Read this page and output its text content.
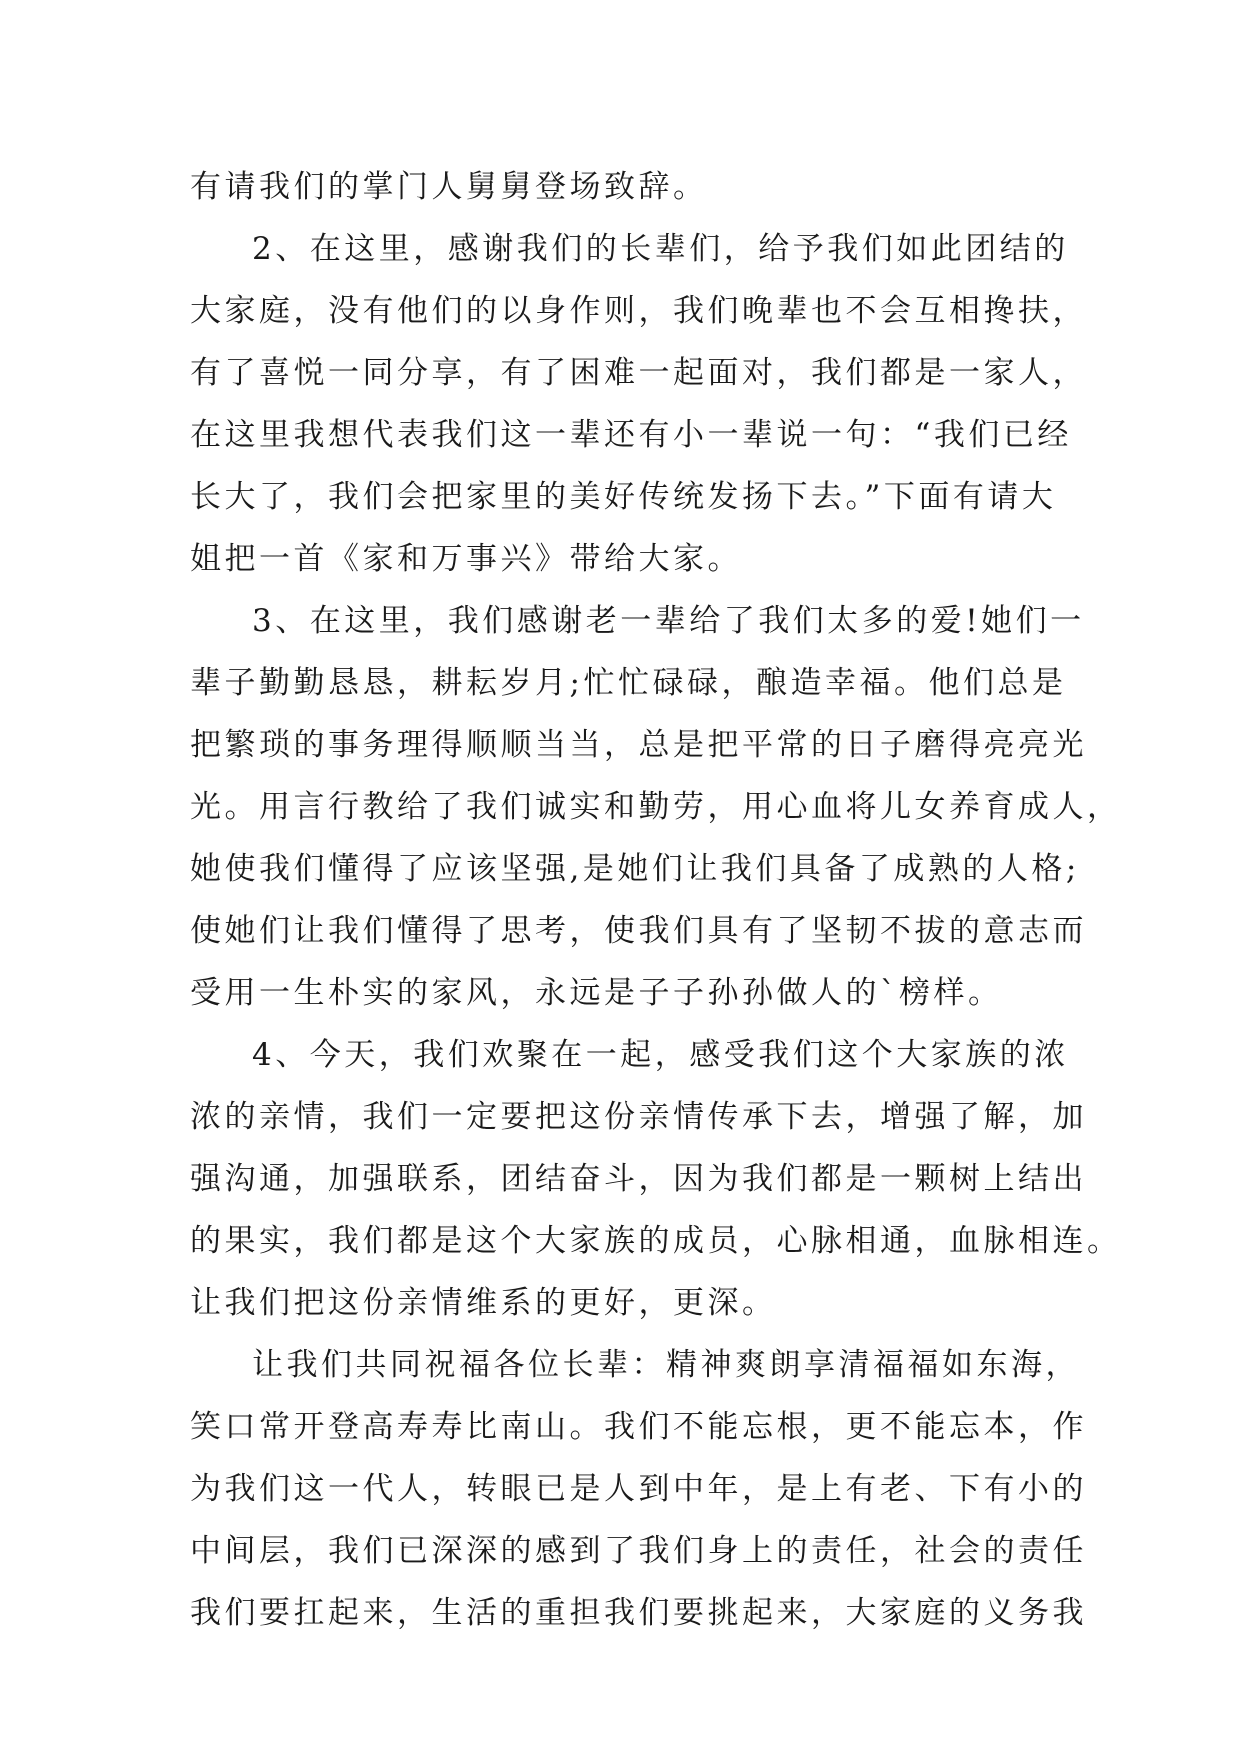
有请我们的掌门人舅舅登场致辞。
2、在这里，感谢我们的长辈们，给予我们如此团结的
大家庭，没有他们的以身作则，我们晚辈也不会互相搀扶，
有了喜悦一同分享，有了困难一起面对，我们都是一家人，
在这里我想代表我们这一辈还有小一辈说一句：“我们已经
长大了，我们会把家里的美好传统发扬下去。”下面有请大
姐把一首《家和万事兴》带给大家。
3、在这里，我们感谢老一辈给了我们太多的爱!她们一
辈子勤勤恳恳，耕耘岁月;忙忙碌碌，酿造幸福。他们总是
把繁琐的事务理得顺顺当当，总是把平常的日子磨得亮亮光
光。用言行教给了我们诚实和勤劳，用心血将儿女养育成人，
她使我们懂得了应该坚强,是她们让我们具备了成熟的人格;
使她们让我们懂得了思考，使我们具有了坚韧不拔的意志而
受用一生朴实的家风，永远是子子孙孙做人的`榜样。
4、今天，我们欢聚在一起，感受我们这个大家族的浓
浓的亲情，我们一定要把这份亲情传承下去，增强了解，加
强沟通，加强联系，团结奋斗，因为我们都是一颗树上结出
的果实，我们都是这个大家族的成员，心脉相通，血脉相连。
让我们把这份亲情维系的更好，更深。
让我们共同祝福各位长辈：精神爽朗享清福福如东海，
笑口常开登高寿寿比南山。我们不能忘根，更不能忘本，作
为我们这一代人，转眼已是人到中年，是上有老、下有小的
中间层，我们已深深的感到了我们身上的责任，社会的责任
我们要扛起来，生活的重担我们要挑起来，大家庭的义务我
